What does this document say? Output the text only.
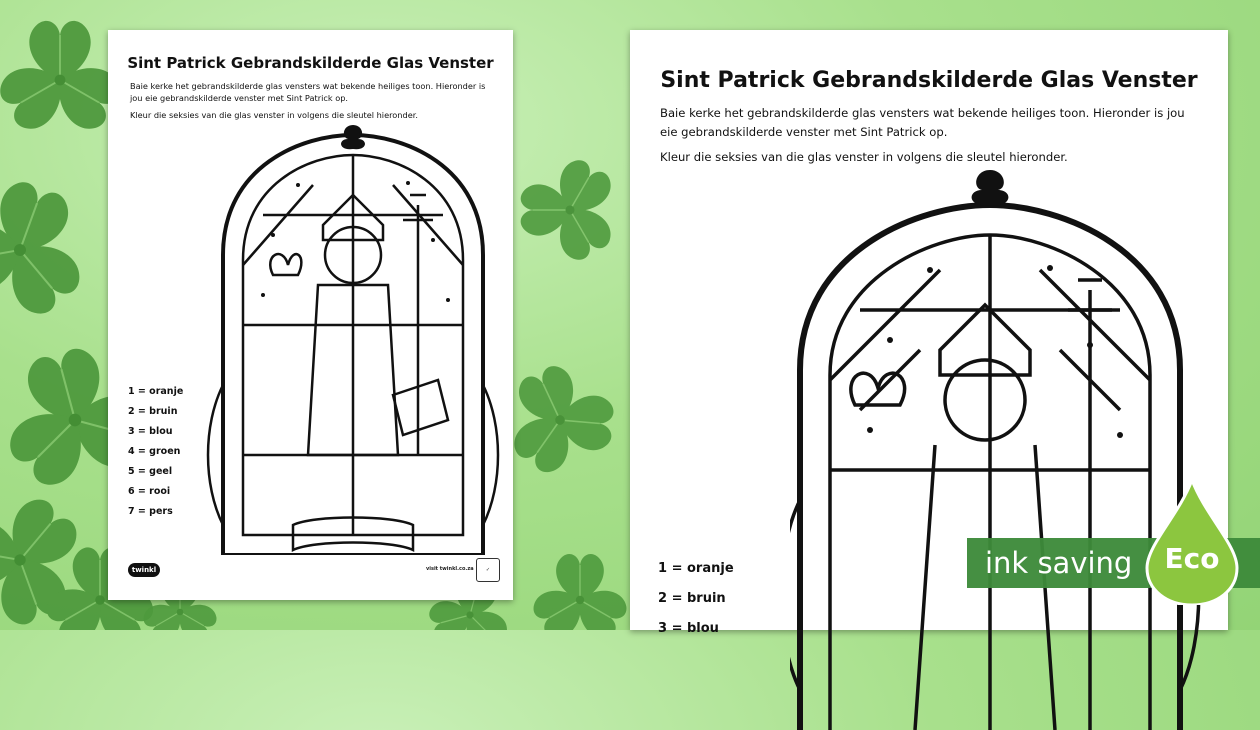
Sint Patrick Gebrandskilderde Glas Venster
Baie kerke het gebrandskilderde glas vensters wat bekende heiliges toon. Hieronder is jou eie gebrandskilderde venster met Sint Patrick op.
Kleur die seksies van die glas venster in volgens die sleutel hieronder.
1 = oranje
2 = bruin
3 = blou
4 = groen
5 = geel
6 = rooi
7 = pers
twinkl	visit twinkl.co.za	✓
Sint Patrick Gebrandskilderde Glas Venster
Baie kerke het gebrandskilderde glas vensters wat bekende heiliges toon. Hieronder is jou eie gebrandskilderde venster met Sint Patrick op.
Kleur die seksies van die glas venster in volgens die sleutel hieronder.
1 = oranje
2 = bruin
3 = blou
ink saving Eco
